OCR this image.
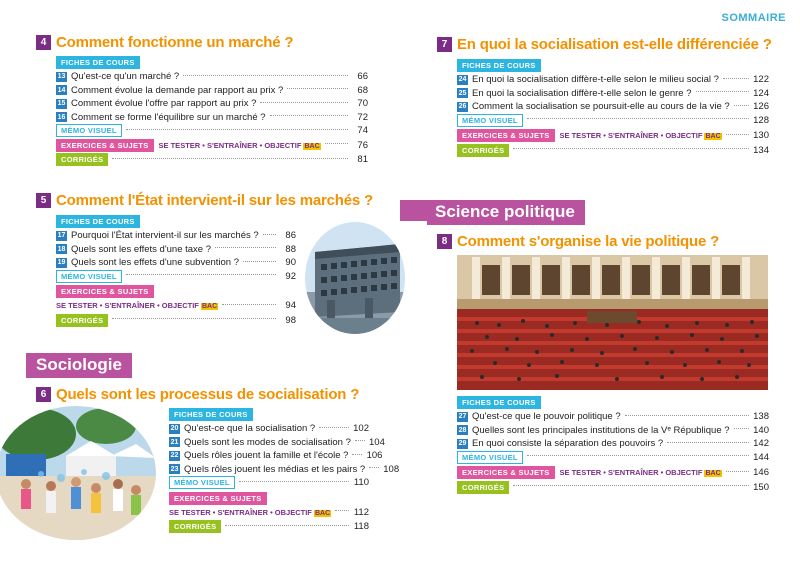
SOMMAIRE
4 Comment fonctionne un marché ?
FICHES DE COURS
13 Qu'est-ce qu'un marché ?	66
14 Comment évolue la demande par rapport au prix ?	68
15 Comment évolue l'offre par rapport au prix ?	70
16 Comment se forme l'équilibre sur un marché ?	72
MÉMO VISUEL	74
EXERCICES & SUJETS	SE TESTER • S'ENTRAÎNER • OBJECTIF BAC	76
CORRIGÉS	81
5 Comment l'État intervient-il sur les marchés ?
FICHES DE COURS
17 Pourquoi l'État intervient-il sur les marchés ?	86
18 Quels sont les effets d'une taxe ?	88
19 Quels sont les effets d'une subvention ?	90
MÉMO VISUEL	92
EXERCICES & SUJETS
SE TESTER • S'ENTRAÎNER • OBJECTIF BAC	94
CORRIGÉS	98
Sociologie
6 Quels sont les processus de socialisation ?
FICHES DE COURS
20 Qu'est-ce que la socialisation ?	102
21 Quels sont les modes de socialisation ? 104
22 Quels rôles jouent la famille et l'école ? 106
23 Quels rôles jouent les médias et les pairs ? 108
MÉMO VISUEL	110
EXERCICES & SUJETS
SE TESTER • S'ENTRAÎNER • OBJECTIF BAC 112
CORRIGÉS	118
7 En quoi la socialisation est-elle différenciée ?
FICHES DE COURS
24 En quoi la socialisation diffère-t-elle selon le milieu social ?	122
25 En quoi la socialisation diffère-t-elle selon le genre ?	124
26 Comment la socialisation se poursuit-elle au cours de la vie ? 126
MÉMO VISUEL	128
EXERCICES & SUJETS	SE TESTER • S'ENTRAÎNER • OBJECTIF BAC	130
CORRIGÉS	134
Science politique
8 Comment s'organise la vie politique ?
FICHES DE COURS
27 Qu'est-ce que le pouvoir politique ?	138
28 Quelles sont les principales institutions de la Vᵉ République ? 140
29 En quoi consiste la séparation des pouvoirs ?	142
MÉMO VISUEL	144
EXERCICES & SUJETS	SE TESTER • S'ENTRAÎNER • OBJECTIF BAC	146
CORRIGÉS	150
